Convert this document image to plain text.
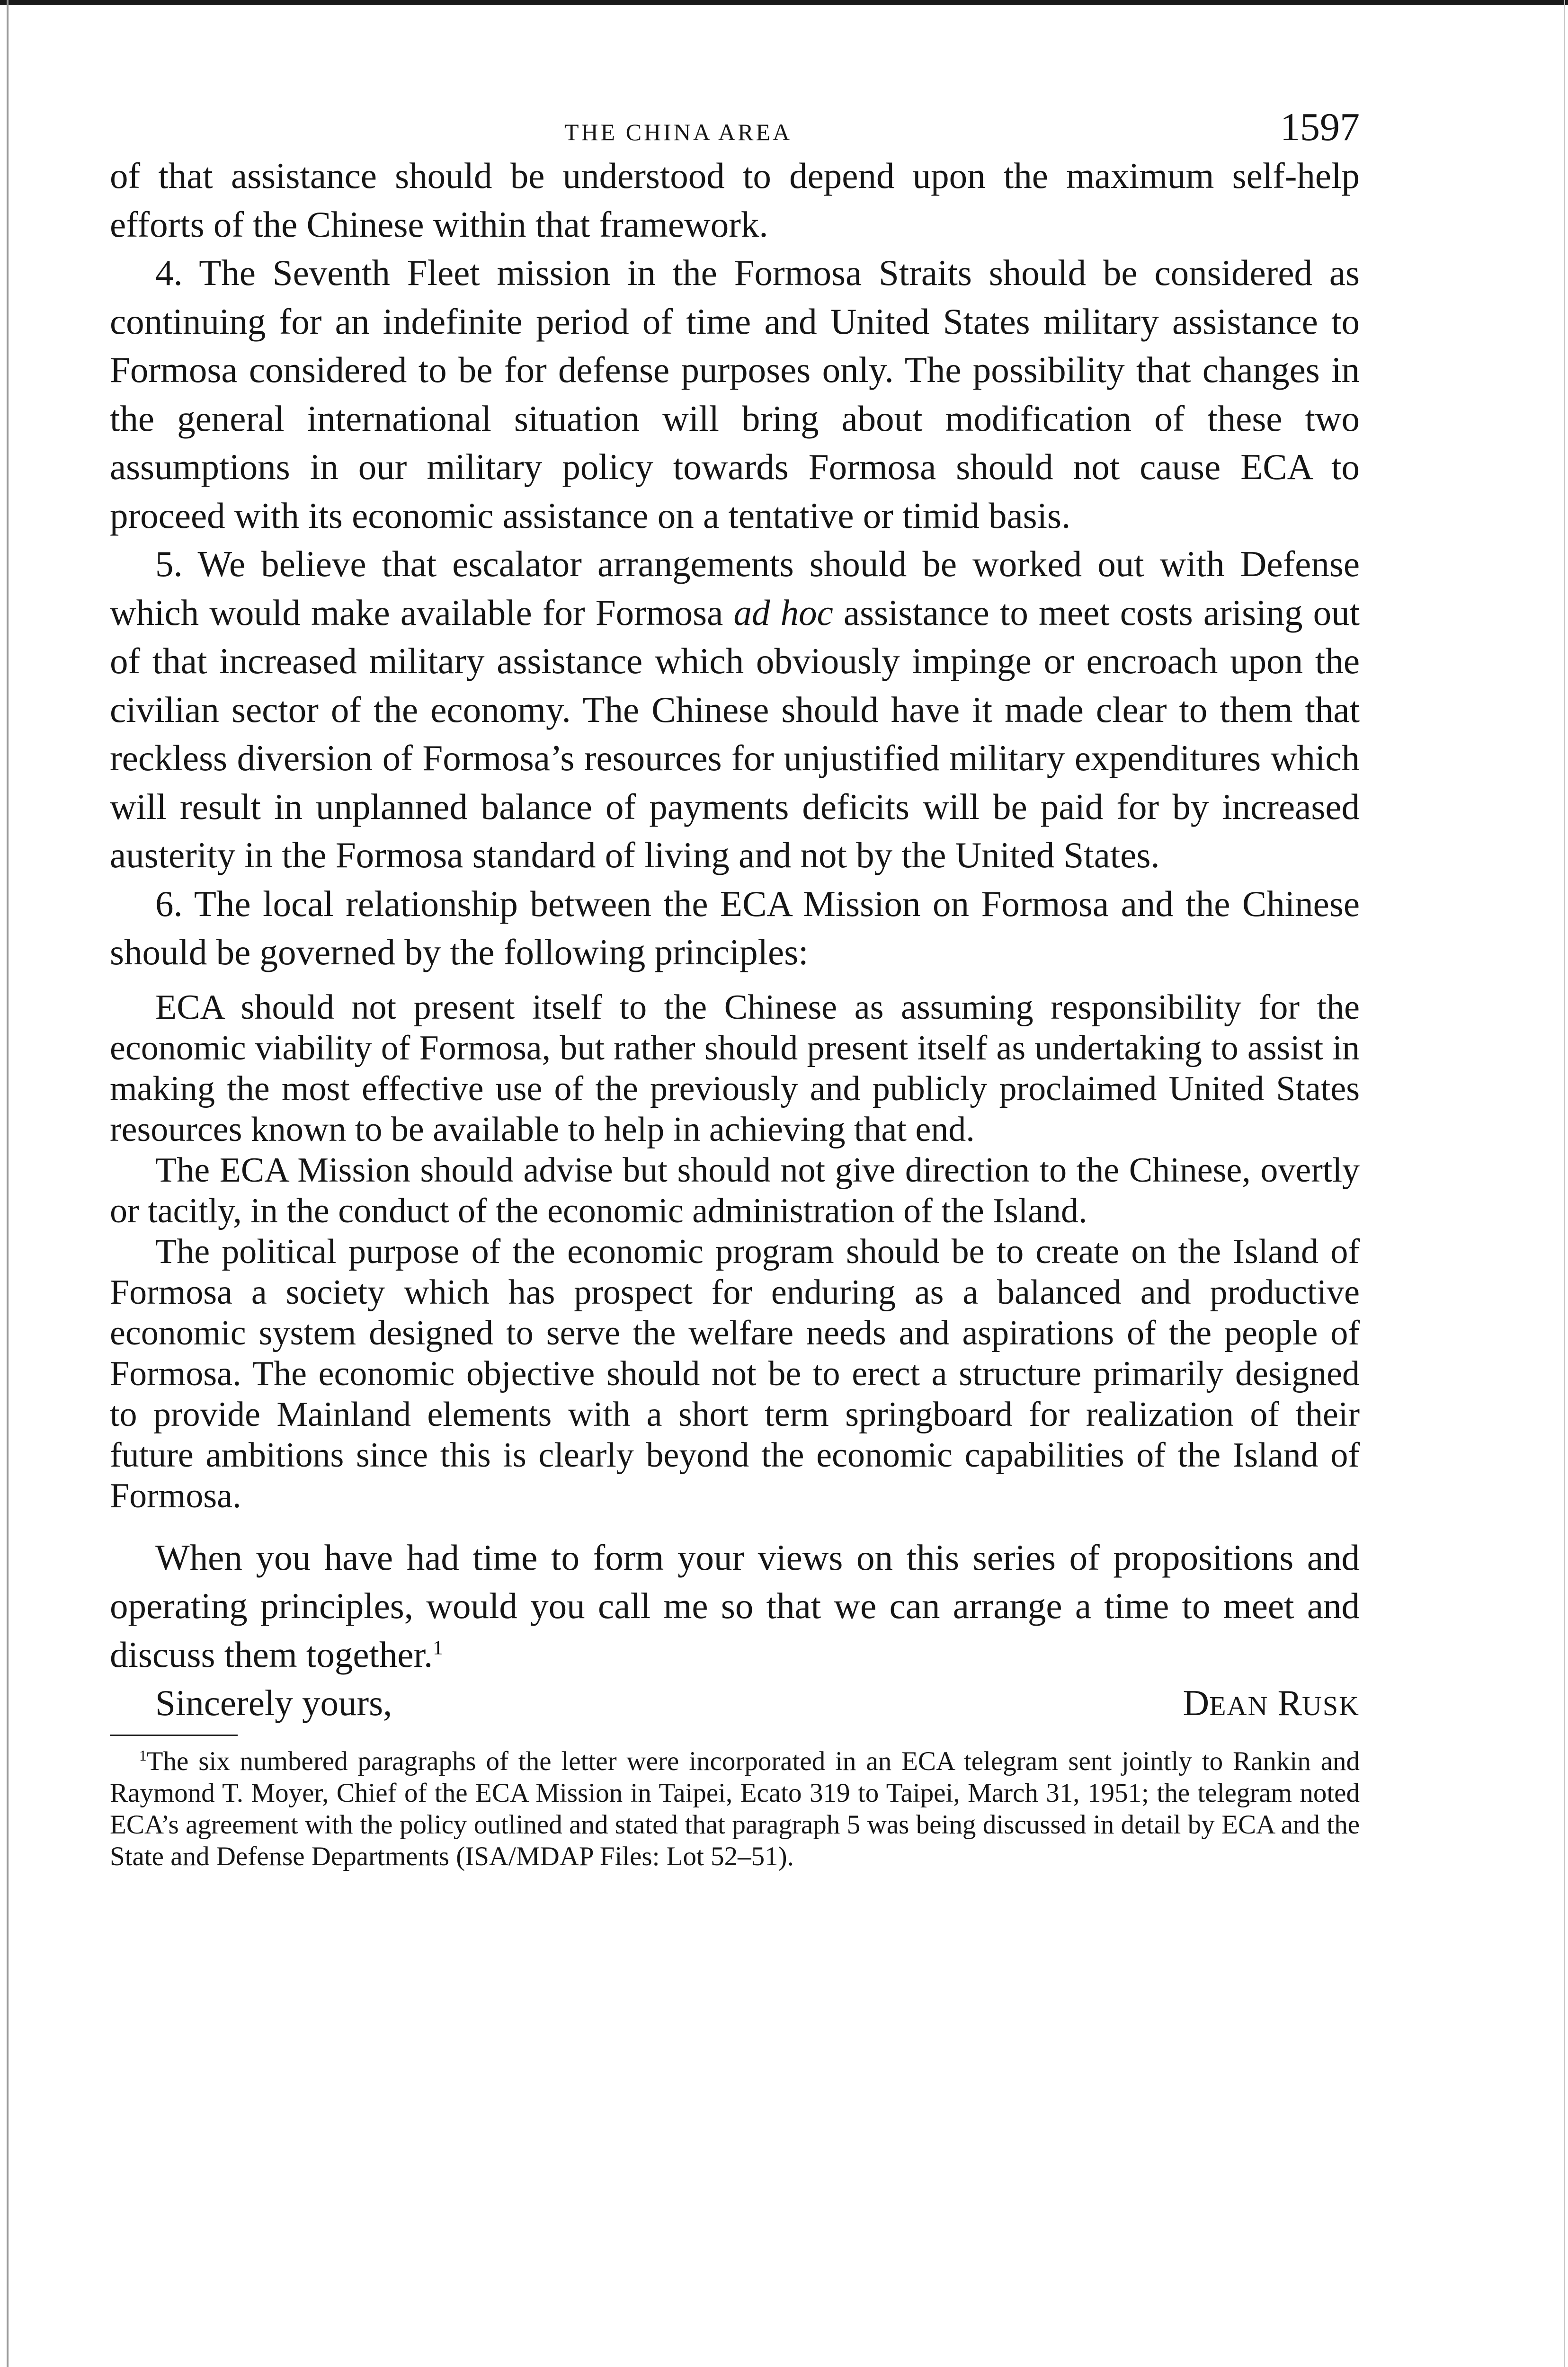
THE CHINA AREA	1597

of that assistance should be understood to depend upon the maximum self-help efforts of the Chinese within that framework.

4. The Seventh Fleet mission in the Formosa Straits should be considered as continuing for an indefinite period of time and United States military assistance to Formosa considered to be for defense purposes only. The possibility that changes in the general international situation will bring about modification of these two assumptions in our military policy towards Formosa should not cause ECA to proceed with its economic assistance on a tentative or timid basis.

5. We believe that escalator arrangements should be worked out with Defense which would make available for Formosa ad hoc assistance to meet costs arising out of that increased military assistance which obviously impinge or encroach upon the civilian sector of the economy. The Chinese should have it made clear to them that reckless diversion of Formosa’s resources for unjustified military expenditures which will result in unplanned balance of payments deficits will be paid for by increased austerity in the Formosa standard of living and not by the United States.

6. The local relationship between the ECA Mission on Formosa and the Chinese should be governed by the following principles:

ECA should not present itself to the Chinese as assuming responsibility for the economic viability of Formosa, but rather should present itself as undertaking to assist in making the most effective use of the previously and publicly proclaimed United States resources known to be available to help in achieving that end.

The ECA Mission should advise but should not give direction to the Chinese, overtly or tacitly, in the conduct of the economic administration of the Island.

The political purpose of the economic program should be to create on the Island of Formosa a society which has prospect for enduring as a balanced and productive economic system designed to serve the welfare needs and aspirations of the people of Formosa. The economic objective should not be to erect a structure primarily designed to provide Mainland elements with a short term springboard for realization of their future ambitions since this is clearly beyond the economic capabilities of the Island of Formosa.

When you have had time to form your views on this series of propositions and operating principles, would you call me so that we can arrange a time to meet and discuss them together.$^1$

Sincerely yours,	DEAN RUSK

$^1$The six numbered paragraphs of the letter were incorporated in an ECA telegram sent jointly to Rankin and Raymond T. Moyer, Chief of the ECA Mission in Taipei, Ecato 319 to Taipei, March 31, 1951; the telegram noted ECA’s agreement with the policy outlined and stated that paragraph 5 was being discussed in detail by ECA and the State and Defense Departments (ISA/MDAP Files: Lot 52–51).
